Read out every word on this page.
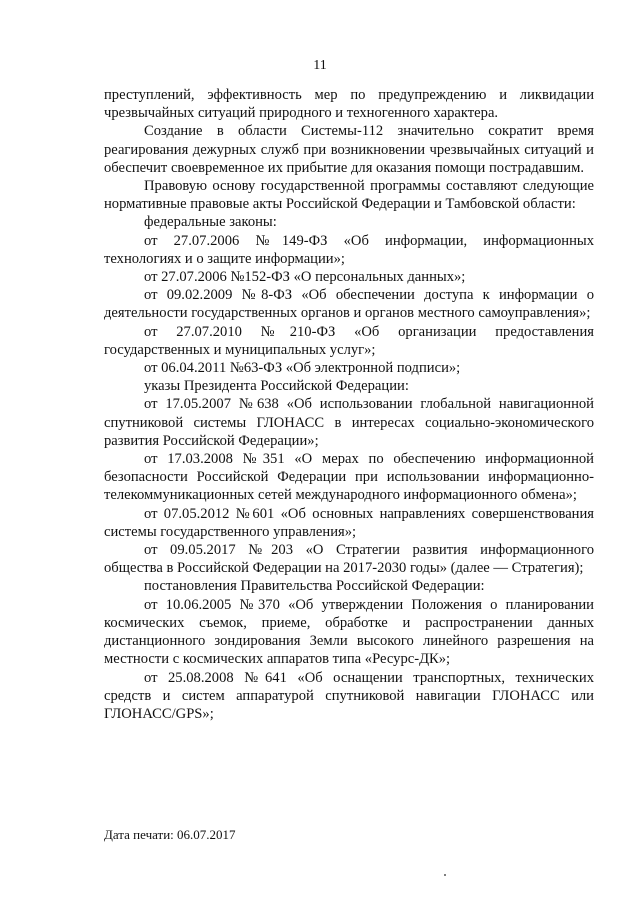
11

преступлений, эффективность мер по предупреждению и ликвидации чрезвычайных ситуаций природного и техногенного характера.

Создание в области Системы-112 значительно сократит время реагирования дежурных служб при возникновении чрезвычайных ситуаций и обеспечит своевременное их прибытие для оказания помощи пострадавшим.

Правовую основу государственной программы составляют следующие нормативные правовые акты Российской Федерации и Тамбовской области:

федеральные законы:

от 27.07.2006 №149-ФЗ «Об информации, информационных технологиях и о защите информации»;

от 27.07.2006 №152-ФЗ «О персональных данных»;

от 09.02.2009 №8-ФЗ «Об обеспечении доступа к информации о деятельности государственных органов и органов местного самоуправления»;

от 27.07.2010 №210-ФЗ «Об организации предоставления государственных и муниципальных услуг»;

от 06.04.2011 №63-ФЗ «Об электронной подписи»;

указы Президента Российской Федерации:

от 17.05.2007 №638 «Об использовании глобальной навигационной спутниковой системы ГЛОНАСС в интересах социально-экономического развития Российской Федерации»;

от 17.03.2008 №351 «О мерах по обеспечению информационной безопасности Российской Федерации при использовании информационно-телекоммуникационных сетей международного информационного обмена»;

от 07.05.2012 №601 «Об основных направлениях совершенствования системы государственного управления»;

от 09.05.2017 №203 «О Стратегии развития информационного общества в Российской Федерации на 2017-2030 годы» (далее — Стратегия);

постановления Правительства Российской Федерации:

от 10.06.2005 №370 «Об утверждении Положения о планировании космических съемок, приеме, обработке и распространении данных дистанционного зондирования Земли высокого линейного разрешения на местности с космических аппаратов типа «Ресурс-ДК»;

от 25.08.2008 №641 «Об оснащении транспортных, технических средств и систем аппаратурой спутниковой навигации ГЛОНАСС или ГЛОНАСС/GPS»;

Дата печати: 06.07.2017
